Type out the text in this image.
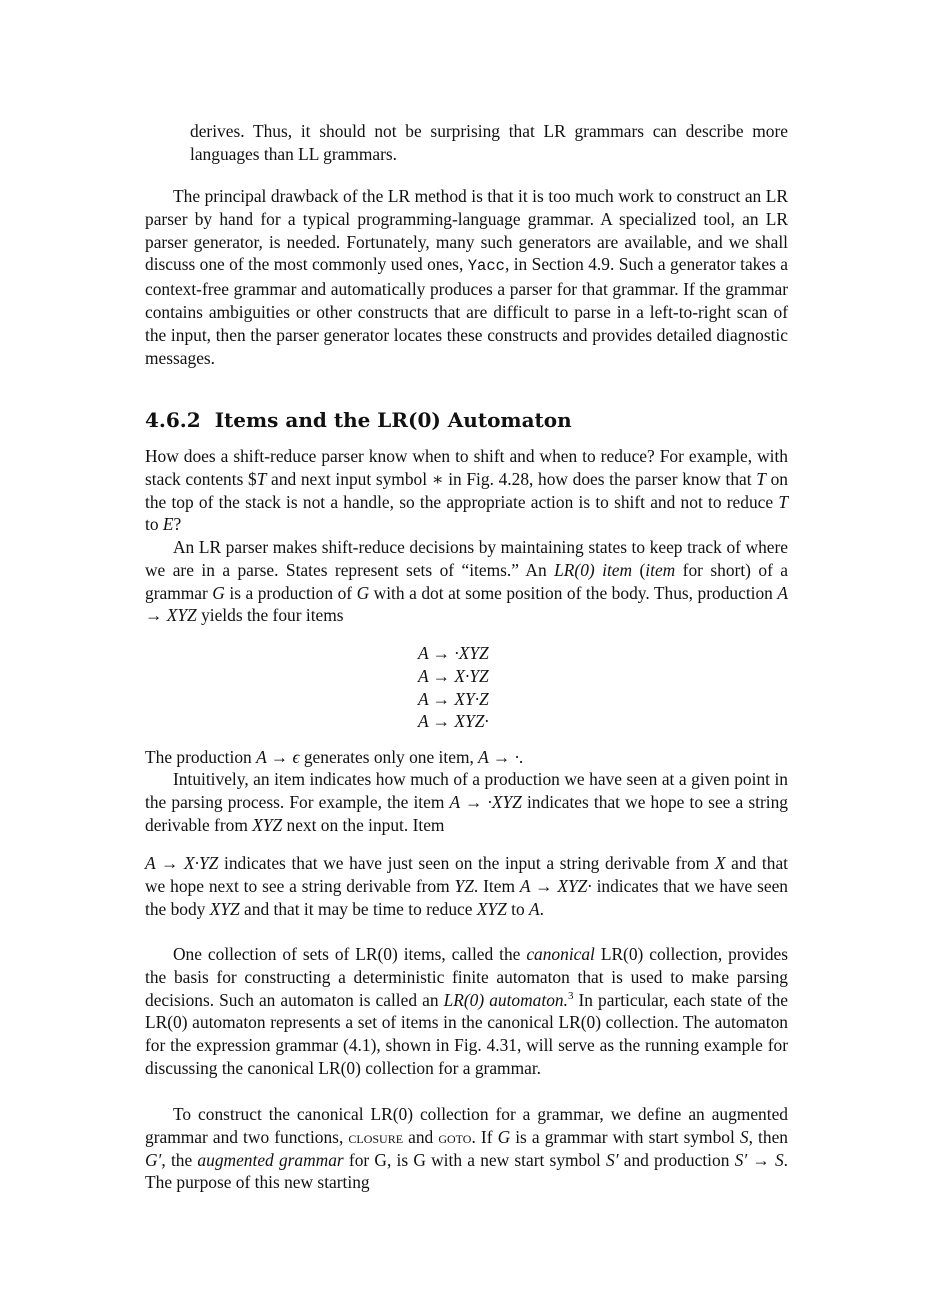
derives. Thus, it should not be surprising that LR grammars can describe more languages than LL grammars.

The principal drawback of the LR method is that it is too much work to construct an LR parser by hand for a typical programming-language grammar. A specialized tool, an LR parser generator, is needed. Fortunately, many such generators are available, and we shall discuss one of the most commonly used ones, Yacc, in Section 4.9. Such a generator takes a context-free grammar and automatically produces a parser for that grammar. If the grammar contains ambiguities or other constructs that are difficult to parse in a left-to-right scan of the input, then the parser generator locates these constructs and provides detailed diagnostic messages.

4.6.2 Items and the LR(0) Automaton

How does a shift-reduce parser know when to shift and when to reduce? For example, with stack contents $T and next input symbol ∗ in Fig. 4.28, how does the parser know that T on the top of the stack is not a handle, so the appropriate action is to shift and not to reduce T to E?

An LR parser makes shift-reduce decisions by maintaining states to keep track of where we are in a parse. States represent sets of “items.” An LR(0) item (item for short) of a grammar G is a production of G with a dot at some position of the body. Thus, production A → XYZ yields the four items

A → ·XYZ
A → X·YZ
A → XY·Z
A → XYZ·

The production A → ϵ generates only one item, A → ·.

Intuitively, an item indicates how much of a production we have seen at a given point in the parsing process. For example, the item A → ·XYZ indicates that we hope to see a string derivable from XYZ next on the input. Item

A → X·YZ indicates that we have just seen on the input a string derivable from X and that we hope next to see a string derivable from YZ. Item A → XYZ· indicates that we have seen the body XYZ and that it may be time to reduce XYZ to A.

One collection of sets of LR(0) items, called the canonical LR(0) collection, provides the basis for constructing a deterministic finite automaton that is used to make parsing decisions. Such an automaton is called an LR(0) automaton.$^3$ In particular, each state of the LR(0) automaton represents a set of items in the canonical LR(0) collection. The automaton for the expression grammar (4.1), shown in Fig. 4.31, will serve as the running example for discussing the canonical LR(0) collection for a grammar.

To construct the canonical LR(0) collection for a grammar, we define an augmented grammar and two functions, closure and goto. If G is a grammar with start symbol S, then G′, the augmented grammar for G, is G with a new start symbol S′ and production S′ → S. The purpose of this new starting
